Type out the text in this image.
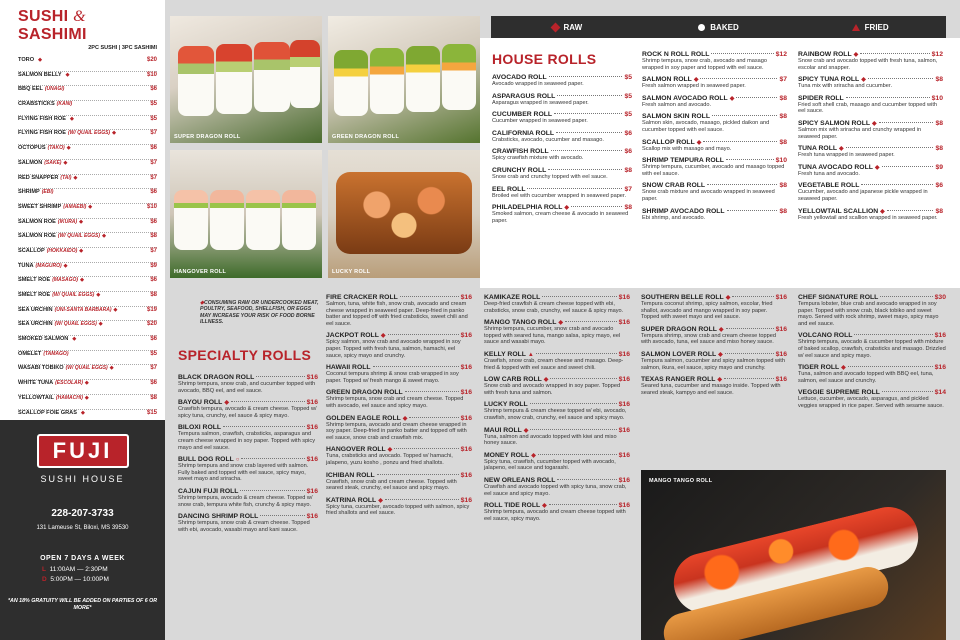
SUSHI & SASHIMI
2PC SUSHI | 3PC SASHIMI
TORO ◆	$20
SALMON BELLY ◆	$10
BBQ EEL (UNAGI)	$6
CRABSTICKS (KANI)	$5
FLYING FISH ROE ◆	$5
FLYING FISH ROE (W/ QUAIL EGGS) ◆	$7
OCTOPUS (TAKO) ◆	$6
SALMON (SAKE) ◆	$7
RED SNAPPER (TAI) ◆	$7
SHRIMP (EBI)	$6
SWEET SHRIMP (AMAEBI) ◆	$10
SALMON ROE (IKURA) ◆	$6
SALMON ROE (W/ QUAIL EGGS) ◆	$8
SCALLOP (HOKKAIDO) ◆	$7
TUNA (MAGURO) ◆	$9
SMELT ROE (MASAGO) ◆	$6
SMELT ROE (W/ QUAIL EGGS) ◆	$8
SEA URCHIN (UNI-SANTA BARBARA) ◆	$19
SEA URCHIN (W/ QUAIL EGGS) ◆	$20
SMOKED SALMON ◆	$6
OMELET (TAMAGO)	$5
WASABI TOBIKO (W/ QUAIL EGGS) ◆	$7
WHITE TUNA (ESCOLAR) ◆	$6
YELLOWTAIL (HAMACHI) ◆	$8
SCALLOP FOIE GRAS ◆	$15
FUJI
SUSHI HOUSE
228-207-3733
131 Lameuse St, Biloxi, MS 39530
OPEN 7 DAYS A WEEK
L 11:00AM — 2:30PM
D 5:00PM — 10:00PM
*AN 18% GRATUITY WILL BE ADDED ON PARTIES OF 6 OR MORE*
SUPER DRAGON ROLL	GREEN DRAGON ROLL
HANGOVER ROLL	LUCKY ROLL
RAW	BAKED	FRIED
HOUSE ROLLS
AVOCADO ROLL	$5
Avocado wrapped in seaweed paper.
ASPARAGUS ROLL	$5
Asparagus wrapped in seaweed paper.
CUCUMBER ROLL	$5
Cucumber wrapped in seaweed paper.
CALIFORNIA ROLL	$6
Crabsticks, avocado, cucumber and masago.
CRAWFISH ROLL	$6
Spicy crawfish mixture with avocado.
CRUNCHY ROLL	$8
Snow crab and crunchy topped with eel sauce.
EEL ROLL	$7
Broiled eel with cucumber wrapped in seaweed paper.
PHILADELPHIA ROLL ◆	$8
Smoked salmon, cream cheese & avocado in seaweed paper.
ROCK N ROLL ROLL	$12
Shrimp tempura, snow crab, avocado and masago wrapped in soy paper and topped with eel sauce.
SALMON ROLL ◆	$7
Fresh salmon wrapped in seaweed paper.
SALMON AVOCADO ROLL ◆	$8
Fresh salmon and avocado.
SALMON SKIN ROLL	$8
Salmon skin, avocado, masago, pickled daikon and cucumber topped with eel sauce.
SCALLOP ROLL ◆	$8
Scallop mix with masago and mayo.
SHRIMP TEMPURA ROLL	$10
Shrimp tempura, cucumber, avocado and masago topped with eel sauce.
SNOW CRAB ROLL	$8
Snow crab mixture and avocado wrapped in seaweed paper.
SHRIMP AVOCADO ROLL	$8
Ebi shrimp, and avocado.
RAINBOW ROLL ◆	$12
Snow crab and avocado topped with fresh tuna, salmon, escolar and snapper.
SPICY TUNA ROLL ◆	$8
Tuna mix with sriracha and cucumber.
SPIDER ROLL	$10
Fried soft shell crab, masago and cucumber topped with eel sauce.
SPICY SALMON ROLL ◆	$8
Salmon mix with sriracha and crunchy wrapped in seaweed paper.
TUNA ROLL ◆	$8
Fresh tuna wrapped in seaweed paper.
TUNA AVOCADO ROLL ◆	$9
Fresh tuna and avocado.
VEGETABLE ROLL	$6
Cucumber, avocado and japanese pickle wrapped in seaweed paper.
YELLOWTAIL SCALLION ◆	$8
Fresh yellowtail and scallion wrapped in seaweed paper.
◆CONSUMING RAW OR UNDERCOOKED MEAT, POULTRY, SEAFOOD, SHELLFISH, OR EGGS MAY INCREASE YOUR RISK OF FOOD BORNE ILLNESS.
SPECIALTY ROLLS
BLACK DRAGON ROLL	$16
Shrimp tempura, snow crab, and cucumber topped with avocado, BBQ eel, and eel sauce.
BAYOU ROLL ◆	$16
Crawfish tempura, avocado & cream cheese. Topped w/ spicy tuna, crunchy, eel sauce & spicy mayo.
BILOXI ROLL	$16
Tempura salmon, crawfish, crabsticks, asparagus and cream cheese wrapped in soy paper. Topped with spicy mayo and eel sauce.
BULL DOG ROLL ○	$16
Shrimp tempura and snow crab layered with salmon. Fully baked and topped with eel sauce, spicy mayo, sweet mayo and sriracha.
CAJUN FUJI ROLL	$16
Shrimp tempura, avocado & cream cheese. Topped w/ snow crab, tempura white fish, crunchy & spicy mayo.
DANCING SHRIMP ROLL	$16
Shrimp tempura, snow crab & cream cheese. Topped with ebi, avocado, wasabi mayo and kani sauce.
FIRE CRACKER ROLL	$16
Salmon, tuna, white fish, snow crab, avocado and cream cheese wrapped in seaweed paper. Deep-fried in panko batter and topped off with fried crabsticks, sweet chili and eel sauce.
JACKPOT ROLL ◆	$16
Spicy salmon, snow crab and avocado wrapped in soy paper. Topped with fresh tuna, salmon, hamachi, eel sauce, spicy mayo and crunchy.
HAWAII ROLL	$16
Coconut tempura shrimp & snow crab wrapped in soy paper. Topped w/ fresh mango & sweet mayo.
GREEN DRAGON ROLL	$16
Shrimp tempura, snow crab and cream cheese. Topped with avocado, eel sauce and spicy mayo.
GOLDEN EAGLE ROLL ◆	$16
Shrimp tempura, avocado and cream cheese wrapped in soy paper. Deep-fried in panko batter and topped off with eel sauce, snow crab and crawfish mix.
HANGOVER ROLL ◆	$16
Tuna, crabsticks and avocado. Topped w/ hamachi, jalapeno, yuzu kosho , ponzu and fried shallots.
ICHIBAN ROLL	$16
Crawfish, snow crab and cream cheese. Topped with seared steak, crunchy, eel sauce and spicy mayo.
KATRINA ROLL ◆	$16
Spicy tuna, cucumber, avocado topped with salmon, spicy fried shallots and eel sauce.
KAMIKAZE ROLL	$16
Deep-fried crawfish & cream cheese topped with ebi, crabsticks, snow crab, crunchy, eel sauce & spicy mayo.
MANGO TANGO ROLL ◆	$16
Shrimp tempura, cucumber, snow crab and avocado topped with seared tuna, mango salsa, spicy mayo, eel sauce and wasabi mayo.
KELLY ROLL ▲	$16
Crawfish, snow crab, cream cheese and masago. Deep-fried & topped with eel sauce and sweet chili.
LOW CARB ROLL ◆	$16
Snow crab and avocado wrapped in soy paper. Topped with fresh tuna and salmon.
LUCKY ROLL	$16
Shrimp tempura & cream cheese topped w/ ebi, avocado, crawfish, snow crab, crunchy, eel sauce and spicy mayo.
MAUI ROLL ◆	$16
Tuna, salmon and avocado topped with kiwi and miso honey sauce.
MONEY ROLL ◆	$16
Spicy tuna, crawfish, cucumber topped with avocado, jalapeno, eel sauce and togarashi.
NEW ORLEANS ROLL	$16
Crawfish and avocado topped with spicy tuna, snow crab, eel sauce and spicy mayo.
ROLL TIDE ROLL ◆	$16
Shrimp tempura, avocado and cream cheese topped with eel sauce, spicy mayo.
SOUTHERN BELLE ROLL ◆	$16
Tempura coconut shrimp, spicy salmon, escolar, fried shallot, avocado and mango wrapped in soy paper. Topped with sweet mayo and eel sauce.
SUPER DRAGON ROLL ◆	$16
Tempura shrimp, snow crab and cream cheese topped with avocado, tuna, eel sauce and miso honey sauce.
SALMON LOVER ROLL ◆	$16
Tempura salmon, cucumber and spicy salmon topped with salmon, ikura, eel sauce, spicy mayo and crunchy.
TEXAS RANGER ROLL ◆	$16
Seared tuna, cucumber and masago inside. Topped with seared steak, kampyo and eel sauce.
CHEF SIGNATURE ROLL	$30
Tempura lobster, blue crab and avocado wrapped in soy paper. Topped with snow crab, black tobiko and sweet mayo. Served with rock shrimp, sweet mayo, spicy mayo and eel sauce.
VOLCANO ROLL	$16
Shrimp tempura, avocado & cucumber topped with mixture of baked scallop, crawfish, crabsticks and masago. Drizzled w/ eel sauce and spicy mayo.
TIGER ROLL ◆	$16
Tuna, salmon and avocado topped with BBQ eel, tuna, salmon, eel sauce and crunchy.
VEGGIE SUPREME ROLL	$14
Lettuce, cucumber, avocado, asparagus, and pickled veggies wrapped in rice paper. Served with sesame sauce.
MANGO TANGO ROLL
